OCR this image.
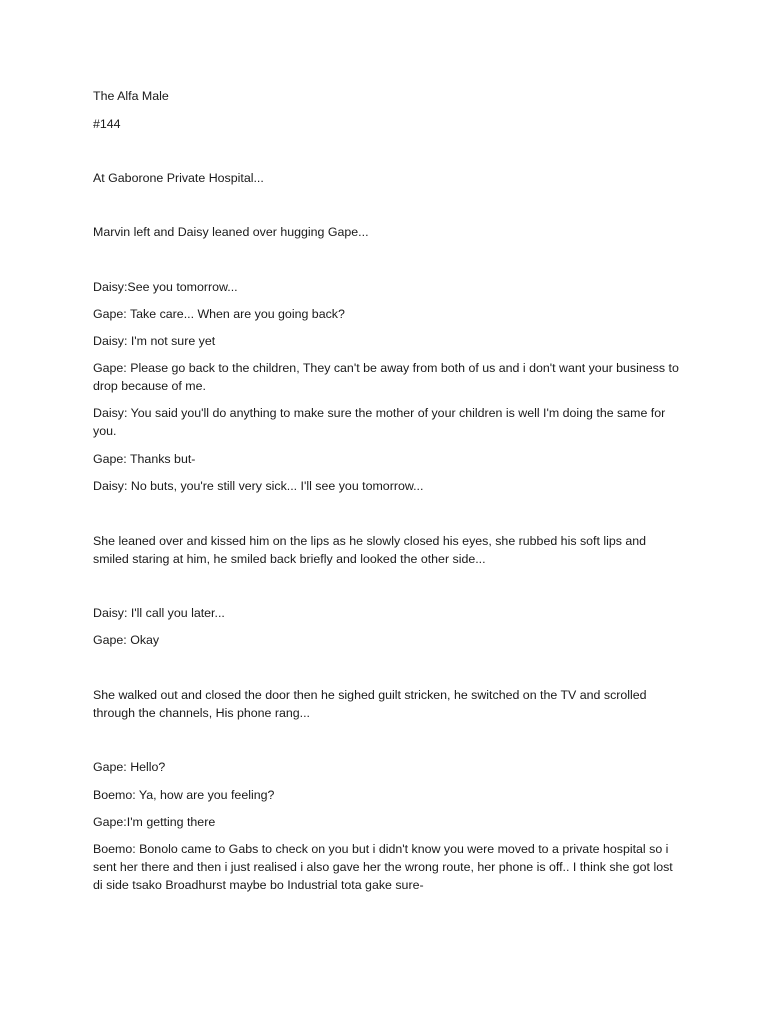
The Alfa Male

#144

At Gaborone Private Hospital...

Marvin left and Daisy leaned over hugging Gape...

Daisy:See you tomorrow...

Gape: Take care... When are you going back?

Daisy: I'm not sure yet

Gape: Please go back to the children, They can't be away from both of us and i don't want your business to drop because of me.

Daisy: You said you'll do anything to make sure the mother of your children is well I'm doing the same for you.

Gape: Thanks but-

Daisy: No buts, you're still very sick... I'll see you tomorrow...

She leaned over and kissed him on the lips as he slowly closed his eyes, she rubbed his soft lips and smiled staring at him, he smiled back briefly and looked the other side...

Daisy: I'll call you later...

Gape: Okay

She walked out and closed the door then he sighed guilt stricken, he switched on the TV and scrolled through the channels, His phone rang...

Gape: Hello?

Boemo: Ya, how are you feeling?

Gape:I'm getting there

Boemo: Bonolo came to Gabs to check on you but i didn't know you were moved to a private hospital so i sent her there and then i just realised i also gave her the wrong route, her phone is off.. I think she got lost di side tsako Broadhurst maybe bo Industrial tota gake sure-
